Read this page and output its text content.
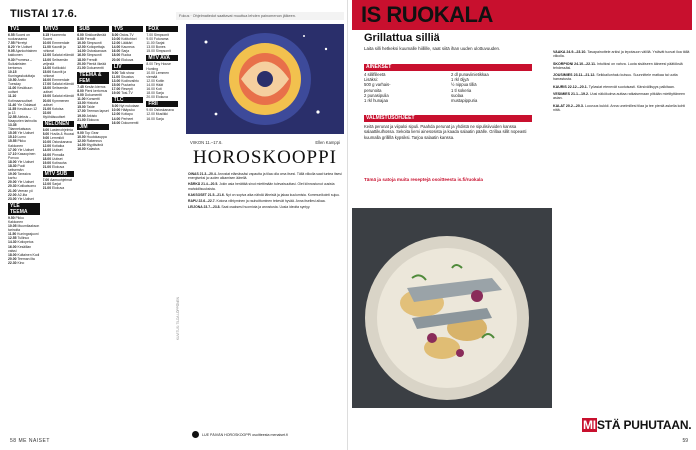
TIISTAI 17.6.	Fokus · Ohjelmatiedot saattavat muuttua lehden painomenon jälkeen.
TV1
6.55 Suomi on ruokanaama
7.55 Piirretyt
8.20 Yle Uutiset
9.05 Ajankohtainen kakkonen
9.30 Promesa – Suikaleisten kertomus
10.15 Kuningaskuluttaja
10.50 Arctic Tuesday
11.00 Kesäkuun uutiset
11.10 Kotimaanuutiset
11.40 Yle Oddasat
11.55 Kesäkuun 12 ja 13
12.55 Aleksis – Naapurien tarinoita
13.35 Tilannekatsaus
15.05 Yle Uutiset
15.10 Lumo
15.55 Pikku Kakkonen
17.00 Yle Uutiset
17.10 Kasaopinen Porvoo
18.00 Yle Uutiset
18.30 Puoli seitsemän
19.00 Tanssiva karhu
20.00 Yle Uutiset
20.30 Kotikatsomo
21.00 Veeran yö
22.00 A2-ilta
23.00 Yle Uutiset
YLE TEEMA
9.50 Pikku Kakkonen
10.05 Muumilaakson tarinoita
11.50 Kuningasjuoni
12.55 Tullinuo
14.30 Kotiopetus
16.00 Kesäillan valssi
18.00 Kultainen Kodi
20.00 Teeman ilta
22.30 Kino
MTV3
6.15 Huomenta Suomi
10.00 Emmerdale
11.00 Kauniit ja rohkeat
12.00 Salatut elämät
13.00 Seitsemän veljestä
14.00 Kotikokki
15.00 Kauniit ja rohkeat
16.00 Emmerdale
17.00 Salatut elämät
18.00 Seitsemän uutiset
19.00 Salatut elämät
20.00 Kymmenen uutiset
21.00 Kotoisa
22.00 Myöhäisuutiset
NELONEN
6.00 Lastenohjelmia
8.00 Huvila & Huussi
9.00 Lemmikit
10.00 Ostoskanava
12.00 Kotiaika
14.00 Uutiset
16.00 Pinnalla
18.00 Uutiset
19.00 Kotirauha
21.00 Elokuva
MTV SUB
7.00 Aamuohjelmat
12.00 Sarjat
21.00 Elokuva
SUB
6.00 Sinkkuelämää
8.00 Frendit
10.00 Simpsonit
12.00 Kotiopettaja
14.00 Ostoskanava
16.00 Simpsonit
18.00 Frendit
20.00 Pientä ilkeää
21.00 Dokumentti
TEEMA & FEM
7.45 Kesän kierros
8.00 Pieni kertomus
9.00 Dokumentti
11.00 Konsertti
13.00 Historia
15.00 Taide
17.00 Teeman lapset
19.00 Arkisto
21.00 Elokuva
JIM
9.00 Top Gear
10.00 Huutokauppa
12.00 Rakennus
14.00 Myytävänä
16.00 Kalastus
TV5
8.00 Ostos-TV
10.00 Kotitohtori
12.00 Lääkäri
14.00 Kauneus
16.00 Sarja
18.00 Ruoka
20.00 Elokuva
LIV
9.00 Talk show
11.00 Sisustus
13.00 Kodinvaihto
15.00 Puutarha
17.00 Resepti
19.00 Tosi-TV
TLC
8.00 Nyt nukutaan
10.00 Hääpuku
12.00 Kotiapu
14.00 Perheet
16.00 Dokumentti
FOX
7.00 Simpsonit
9.00 Futurama
11.00 Sarjat
13.00 Bones
15.00 Simpsonit
MTV AVA
8.00 Tiny House Hunting
10.00 Lemmen viemää
12.00 Kotiin
14.00 Häät
16.00 Koti
18.00 Sarja
20.00 Elokuva
FRII
9.00 Ostoskanava
12.00 Musiikki
16.00 Sarja
58 ME NAISET
VIIKON 11.–17.6.	Ellen Kamppi
HOROSKOOPPI
OINAS 21.3.–20.4. Arvostat elämässäsi vapautta ja tilaa olla oma itsesi. Tällä viikolla saat tuntea itsesi energiseksi ja uuden alkamisen äärellä.
HÄRKÄ 21.4.–20.5. Jokin asia herättää sinut miettimään tulevaisuuttasi. Olet kiinnostunut uusista mahdollisuuksista.
KAKSOSET 21.5.–21.6. Nyt on sopiva aika nähdä läheisiä ja jakaa kuulumisia. Kommunikointi sujuu.
RAPU 22.6.–22.7. Kotona viihtyminen ja rauhoittuminen tekevät hyvää. Anna itsellesi aikaa.
LEIJONA 23.7.–23.8. Saat osaksesi huomiota ja arvostusta. Uusia ideoita syntyy.
LUE PÄIVÄN HOROSKOOPPI osoitteesta menaiset.fi
KUVITUS: TILDA LÖPPÖNEN
IS RUOKALA
Grillattua silliä
Laita silli hetkeksi kuumalle hiillille, saat siitä ihan uuden ulottuvuuden.
AINEKSET
4 silliflileetä
Lisäksi:
500 g varhais-
perunoita
2 punasipulia
1 rkl hunajaa
2 dl punaviinietikkaa
1 rkl öljyä
½ nippua tilliä
1 tl sokeria
suolaa
mustapippuria
VALMISTUSOHJEET
Keitä perunat ja viipaloi sipuli. Paahda perunat ja yhdistä ne sipulisiivuiden kanssa salaattikulhossa. Sekoita liemi ainesosista ja kaada salaatin päälle. Grillaa sillit nopeasti kuumalla grillillä kypsiksi. Tarjoa salaatin kanssa.
Tämä ja satoja muita reseptejä osoitteesta is.fi/ruokala
VAAKA 24.9.–23.10. Tasapainottele arkisi ja lepotauon välillä. Ystävät tuovat iloa tällä viikolla.
SKORPIONI 24.10.–22.11. Intuitiosi on vahva. Luota sisäiseen ääneesi päätöksiä tehdessäsi.
JOUSIMIES 23.11.–21.12. Seikkailunhalu kutsuu. Suunnittele matkaa tai uutta harrastusta.
KAURIS 22.12.–20.1. Työasiat etenevät suotuisasti. Kärsivällisyys palkitaan.
VESIMIES 21.1.–19.2. Uusi näkökulma auttaa ratkaisemaan pitkään mietityttäneen asian.
KALAT 20.2.–20.3. Luovuus kukkii. Anna unelmillesi tilaa ja tee pieniä askelia kohti niitä.
MISTÄ PUHUTAAN.
59
